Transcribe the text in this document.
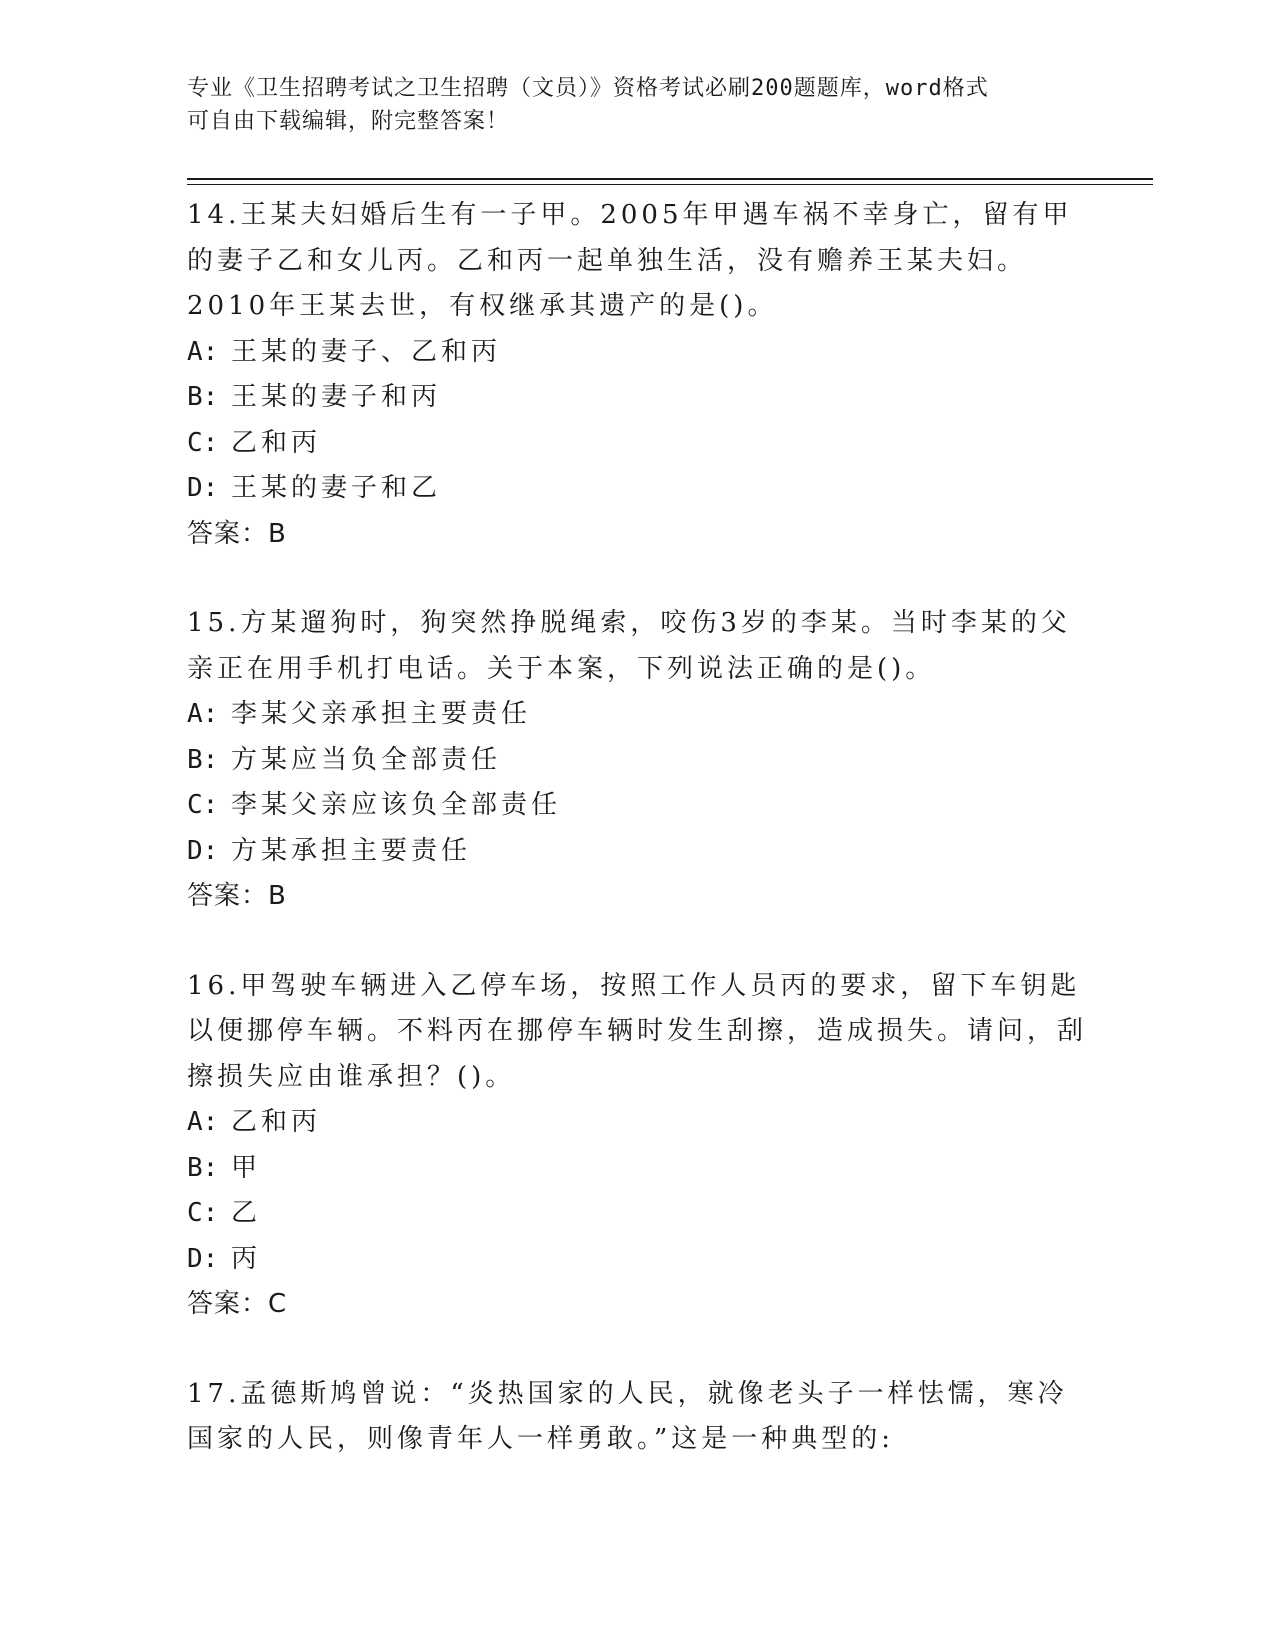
专业《卫生招聘考试之卫生招聘（文员）》资格考试必刷200题题库，word格式
可自由下载编辑，附完整答案！

14.王某夫妇婚后生有一子甲。2005年甲遇车祸不幸身亡，留有甲的妻子乙和女儿丙。乙和丙一起单独生活，没有赡养王某夫妇。2010年王某去世，有权继承其遗产的是()。

A: 王某的妻子、乙和丙
B: 王某的妻子和丙
C: 乙和丙
D: 王某的妻子和乙
答案：B

15.方某遛狗时，狗突然挣脱绳索，咬伤3岁的李某。当时李某的父亲正在用手机打电话。关于本案，下列说法正确的是()。

A: 李某父亲承担主要责任
B: 方某应当负全部责任
C: 李某父亲应该负全部责任
D: 方某承担主要责任
答案：B

16.甲驾驶车辆进入乙停车场，按照工作人员丙的要求，留下车钥匙以便挪停车辆。不料丙在挪停车辆时发生刮擦，造成损失。请问，刮擦损失应由谁承担？()。

A: 乙和丙
B: 甲
C: 乙
D: 丙
答案：C

17.孟德斯鸠曾说：“炎热国家的人民，就像老头子一样怯懦，寒冷国家的人民，则像青年人一样勇敢。”这是一种典型的:
